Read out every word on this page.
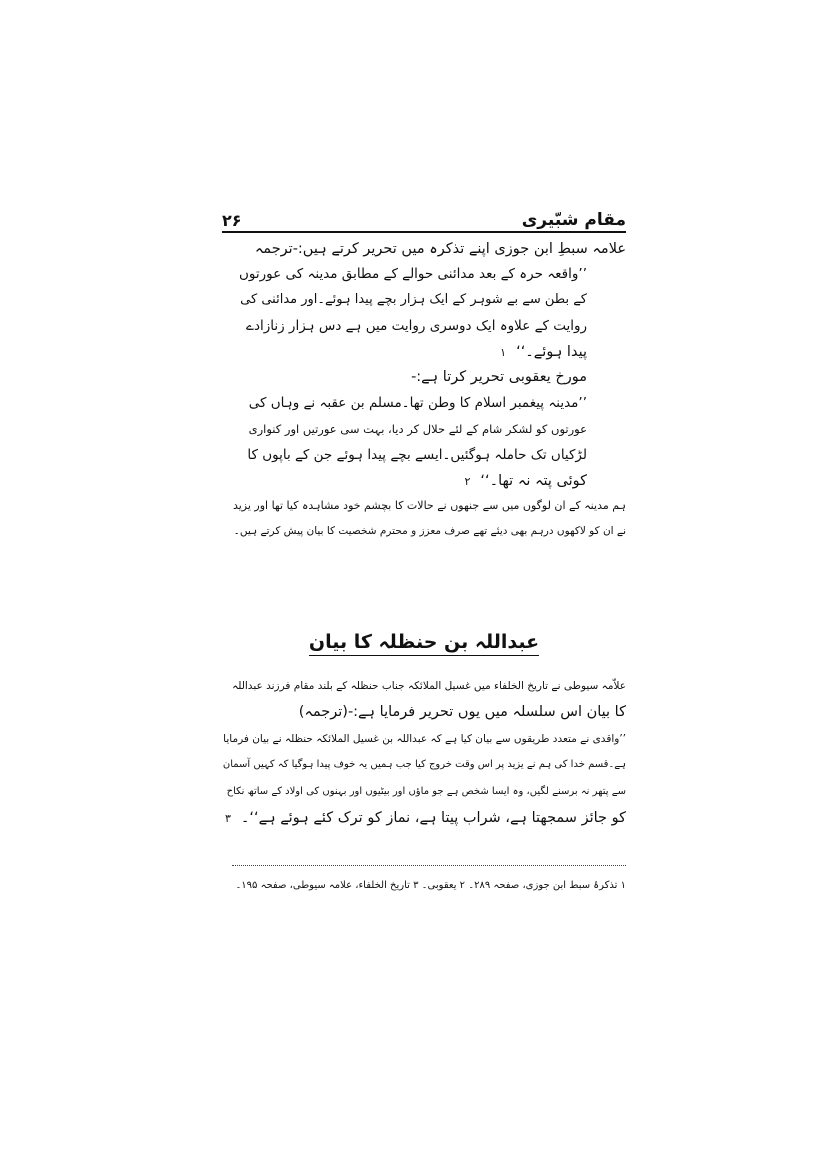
۲۶	مقام شبّیری
علامہ سبطِ ابن جوزی اپنے تذکرہ میں تحریر کرتے ہیں:-ترجمہ
’’واقعہ حرہ کے بعد مدائنی حوالے کے مطابق مدینہ کی عورتوں
کے بطن سے بے شوہر کے ایک ہزار بچے پیدا ہوئے۔اور مدائنی کی
روایت کے علاوہ ایک دوسری روایت میں ہے دس ہزار زنازادے
پیدا ہوئے۔‘‘۱
مورخ یعقوبی تحریر کرتا ہے:-
’’مدینہ پیغمبر اسلام کا وطن تھا۔مسلم بن عقبہ نے وہاں کی
عورتوں کو لشکر شام کے لئے حلال کر دیا، بہت سی عورتیں اور کنواری
لڑکیاں تک حاملہ ہوگئیں۔ایسے بچے پیدا ہوئے جن کے باپوں کا
کوئی پتہ نہ تھا۔‘‘۲
ہم مدینہ کے ان لوگوں میں سے جنھوں نے حالات کا بچشم خود مشاہدہ کیا تھا اور یزید
نے ان کو لاکھوں درہم بھی دیئے تھے صرف معزز و محترم شخصیت کا بیان پیش کرتے ہیں۔
عبداللہ بن حنظلہ کا بیان
علاّمہ سیوطی نے تاریخ الخلفاء میں غسیل الملائکہ جناب حنظلہ کے بلند مقام فرزند عبداللہ
کا بیان اس سلسلہ میں یوں تحریر فرمایا ہے:-(ترجمہ)
’’واقدی نے متعدد طریقوں سے بیان کیا ہے کہ عبداللہ بن غسیل الملائکہ حنظلہ نے بیان فرمایا
ہے۔قسم خدا کی ہم نے یزید پر اس وقت خروج کیا جب ہمیں یہ خوف پیدا ہوگیا کہ کہیں آسمان
سے پتھر نہ برسنے لگیں، وہ ایسا شخص ہے جو ماؤں اور بیٹیوں اور بہنوں کی اولاد کے ساتھ نکاح
کو جائز سمجھتا ہے، شراب پیتا ہے، نماز کو ترک کئے ہوئے ہے‘‘۔۳
۱ تذکرۂ سبط ابن جوزی، صفحہ ۲۸۹۔ ۲ یعقوبی۔ ۳ تاریخ الخلفاء، علامہ سیوطی، صفحہ ۱۹۵۔
